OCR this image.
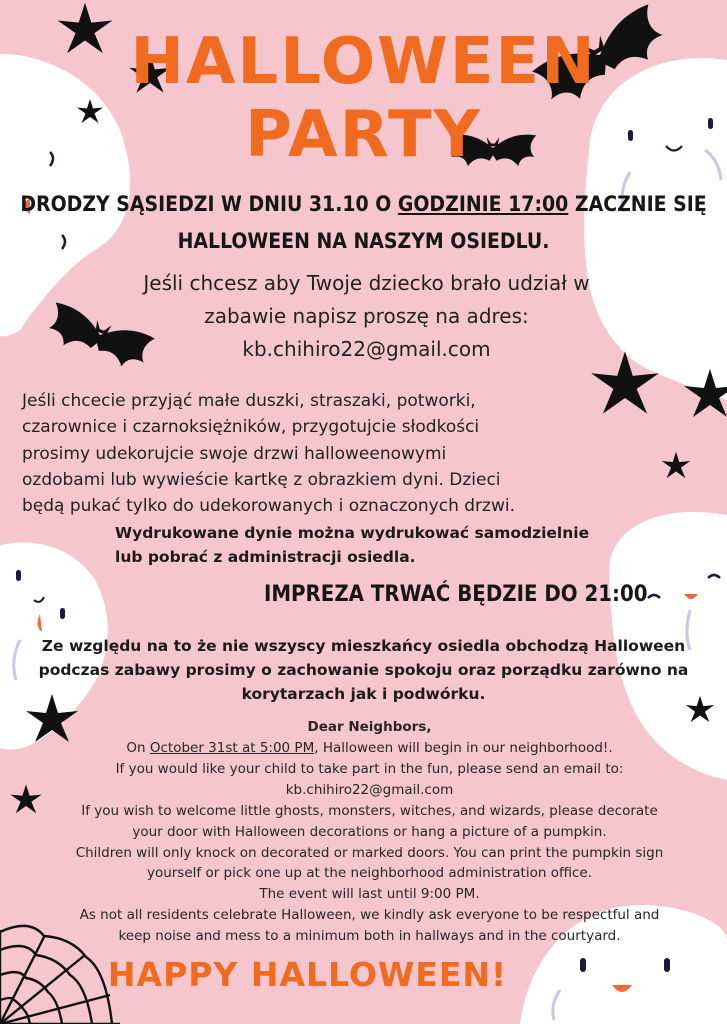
HALLOWEEN
PARTY
DRODZY SĄSIEDZI W DNIU 31.10 O GODZINIE 17:00 ZACZNIE SIĘ
HALLOWEEN NA NASZYM OSIEDLU.
Jeśli chcesz aby Twoje dziecko brało udział w
zabawie napisz proszę na adres:
kb.chihiro22@gmail.com
Jeśli chcecie przyjąć małe duszki, straszaki, potworki,
czarownice i czarnoksiężników, przygotujcie słodkości
prosimy udekorujcie swoje drzwi halloweenowymi
ozdobami lub wywieście kartkę z obrazkiem dyni. Dzieci
będą pukać tylko do udekorowanych i oznaczonych drzwi.
Wydrukowane dynie można wydrukować samodzielnie
lub pobrać z administracji osiedla.
IMPREZA TRWAĆ BĘDZIE DO 21:00
Ze względu na to że nie wszyscy mieszkańcy osiedla obchodzą Halloween
podczas zabawy prosimy o zachowanie spokoju oraz porządku zarówno na
korytarzach jak i podwórku.
Dear Neighbors,
On October 31st at 5:00 PM, Halloween will begin in our neighborhood!.
If you would like your child to take part in the fun, please send an email to:
kb.chihiro22@gmail.com
If you wish to welcome little ghosts, monsters, witches, and wizards, please decorate
your door with Halloween decorations or hang a picture of a pumpkin.
Children will only knock on decorated or marked doors. You can print the pumpkin sign
yourself or pick one up at the neighborhood administration office.
The event will last until 9:00 PM.
As not all residents celebrate Halloween, we kindly ask everyone to be respectful and
keep noise and mess to a minimum both in hallways and in the courtyard.
HAPPY HALLOWEEN!
